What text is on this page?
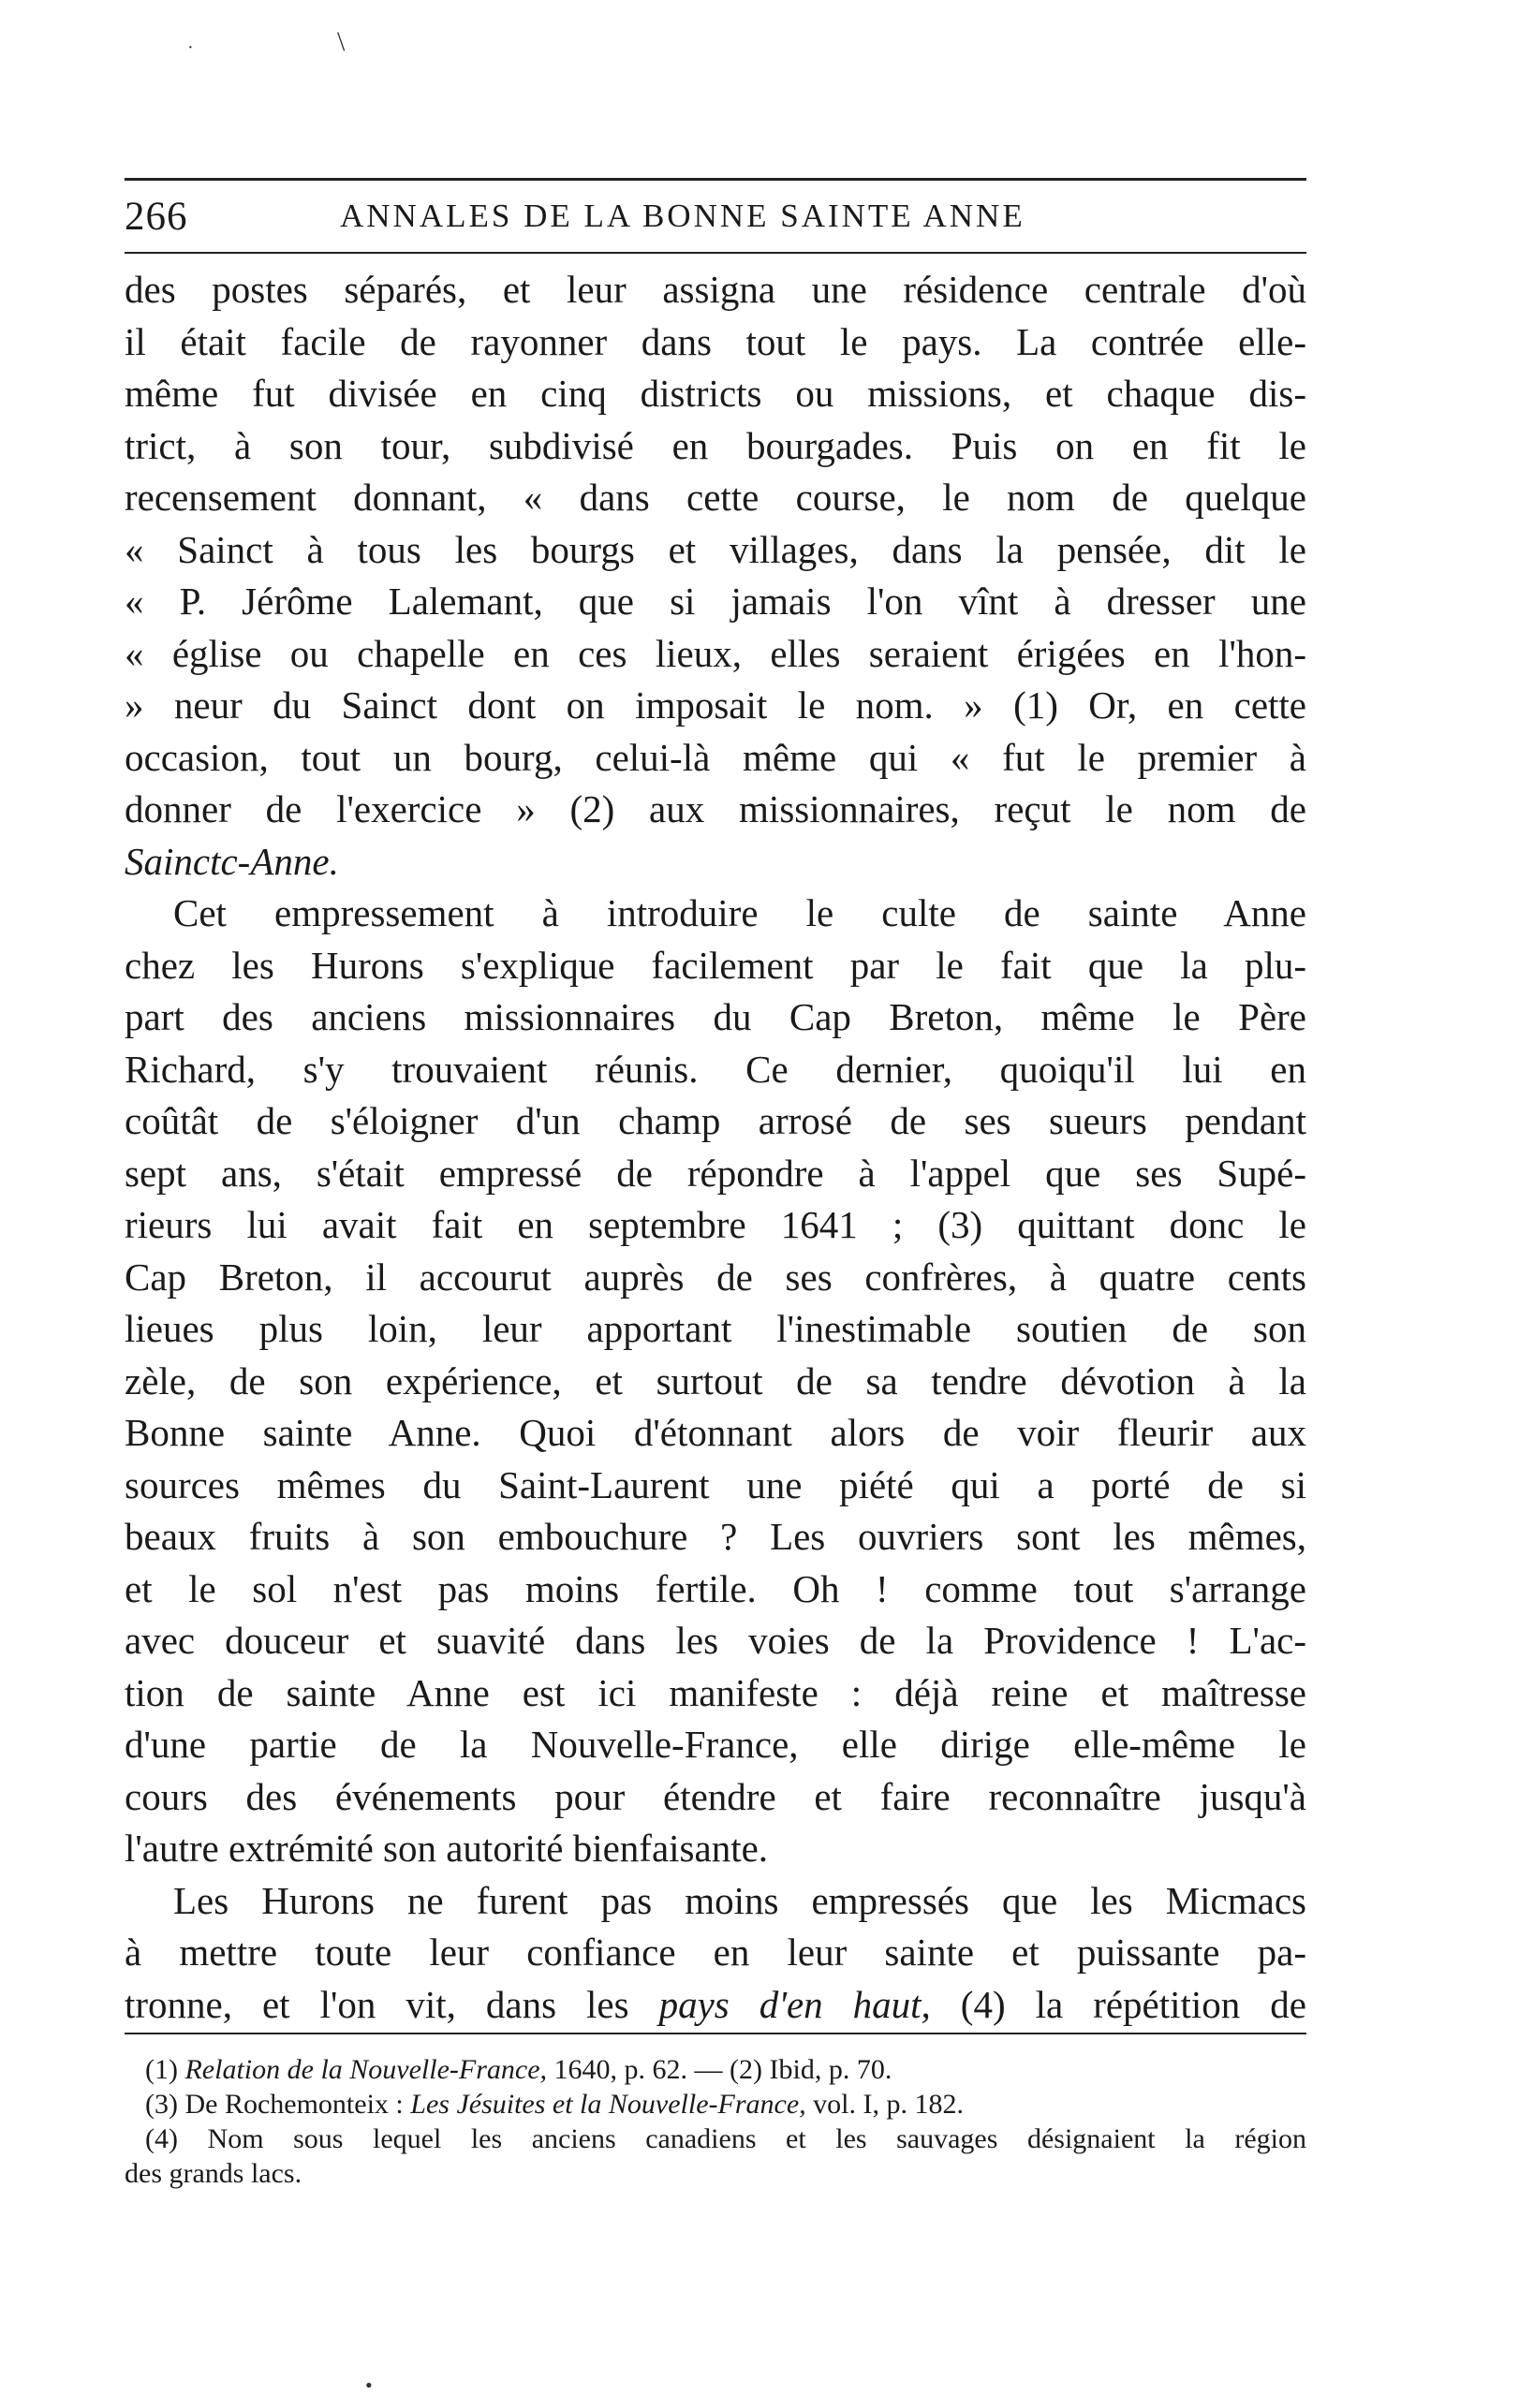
\
·
•
266	ANNALES DE LA BONNE SAINTE ANNE
des postes séparés, et leur assigna une résidence centrale d'où
il était facile de rayonner dans tout le pays. La contrée elle-
même fut divisée en cinq districts ou missions, et chaque dis-
trict, à son tour, subdivisé en bourgades. Puis on en fit le
recensement donnant, « dans cette course, le nom de quelque
« Sainct à tous les bourgs et villages, dans la pensée, dit le
« P. Jérôme Lalemant, que si jamais l'on vînt à dresser une
« église ou chapelle en ces lieux, elles seraient érigées en l'hon-
» neur du Sainct dont on imposait le nom. » (1) Or, en cette
occasion, tout un bourg, celui-là même qui « fut le premier à
donner de l'exercice » (2) aux missionnaires, reçut le nom de
Sainctc-Anne.
Cet empressement à introduire le culte de sainte Anne
chez les Hurons s'explique facilement par le fait que la plu-
part des anciens missionnaires du Cap Breton, même le Père
Richard, s'y trouvaient réunis. Ce dernier, quoiqu'il lui en
coûtât de s'éloigner d'un champ arrosé de ses sueurs pendant
sept ans, s'était empressé de répondre à l'appel que ses Supé-
rieurs lui avait fait en septembre 1641 ; (3) quittant donc le
Cap Breton, il accourut auprès de ses confrères, à quatre cents
lieues plus loin, leur apportant l'inestimable soutien de son
zèle, de son expérience, et surtout de sa tendre dévotion à la
Bonne sainte Anne. Quoi d'étonnant alors de voir fleurir aux
sources mêmes du Saint-Laurent une piété qui a porté de si
beaux fruits à son embouchure ? Les ouvriers sont les mêmes,
et le sol n'est pas moins fertile. Oh ! comme tout s'arrange
avec douceur et suavité dans les voies de la Providence ! L'ac-
tion de sainte Anne est ici manifeste : déjà reine et maîtresse
d'une partie de la Nouvelle-France, elle dirige elle-même le
cours des événements pour étendre et faire reconnaître jusqu'à
l'autre extrémité son autorité bienfaisante.
Les Hurons ne furent pas moins empressés que les Micmacs
à mettre toute leur confiance en leur sainte et puissante pa-
tronne, et l'on vit, dans les pays d'en haut, (4) la répétition de
(1) Relation de la Nouvelle-France, 1640, p. 62. — (2) Ibid, p. 70.
(3) De Rochemonteix : Les Jésuites et la Nouvelle-France, vol. I, p. 182.
(4) Nom sous lequel les anciens canadiens et les sauvages désignaient la région
des grands lacs.
